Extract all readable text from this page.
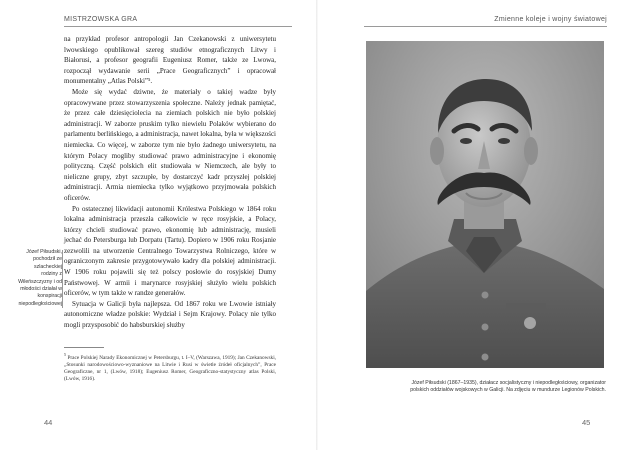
MISTRZOWSKA GRA

na przykład profesor antropologii Jan Czekanowski z uniwersytetu lwowskiego opublikował szereg studiów etnograficznych Litwy i Białorusi, a profesor geografii Eugeniusz Romer, także ze Lwowa, rozpoczął wydawanie serii „Prace Geograficznych” i opracował monumentalny „Atlas Polski”⁵.

Może się wydać dziwne, że materiały o takiej wadze były opracowywane przez stowarzyszenia społeczne. Należy jednak pamiętać, że przez całe dziesięciolecia na ziemiach polskich nie było polskiej administracji. W zaborze pruskim tylko niewielu Polaków wybierano do parlamentu berlińskiego, a administracja, nawet lokalna, była w większości niemiecka. Co więcej, w zaborze tym nie było żadnego uniwersytetu, na którym Polacy mogliby studiować prawo administracyjne i ekonomię polityczną. Część polskich elit studiowała w Niemczech, ale były to nieliczne grupy, zbyt szczupłe, by dostarczyć kadr przyszłej polskiej administracji. Armia niemiecka tylko wyjątkowo przyjmowała polskich oficerów.

Po ostatecznej likwidacji autonomii Królestwa Polskiego w 1864 roku lokalna administracja przeszła całkowicie w ręce rosyjskie, a Polacy, którzy chcieli studiować prawo, ekonomię lub administrację, musieli jechać do Petersburga lub Dorpatu (Tartu). Dopiero w 1906 roku Rosjanie zezwolili na utworzenie Centralnego Towarzystwa Rolniczego, które w ograniczonym zakresie przygotowywało kadry dla polskiej administracji. W 1906 roku pojawili się też polscy posłowie do rosyjskiej Dumy Państwowej. W armii i marynarce rosyjskiej służyło wielu polskich oficerów, w tym także w randze generałów.

Sytuacja w Galicji była najlepsza. Od 1867 roku we Lwowie istniały autonomiczne władze polskie: Wydział i Sejm Krajowy. Polacy nie tylko mogli przysposobić do habsburskiej służby

Józef Piłsudski, pochodził ze szlacheckiej rodziny z Wileńszczyzny i od młodości działał w konspiracji niepodległościowej
$^5$ Prace Polskiej Narady Ekonomicznej w Petersburgu, t. I–V, (Warszawa, 1919); Jan Czekanowski, „Stosunki narodowościowo-wyznaniowe na Litwie i Rusi w świetle źródeł oficjalnych”, Prace Geograficzne, nr 1, (Lwów, 1918); Eugeniusz Romer, Geograficzno-statystyczny atlas Polski, (Lwów, 1916).
44
Zmienne koleje i wojny światowej
Józef Piłsudski (1867–1935), działacz socjalistyczny i niepodległościowy, organizator polskich oddziałów wojskowych w Galicji. Na zdjęciu w mundurze Legionów Polskich.
45
